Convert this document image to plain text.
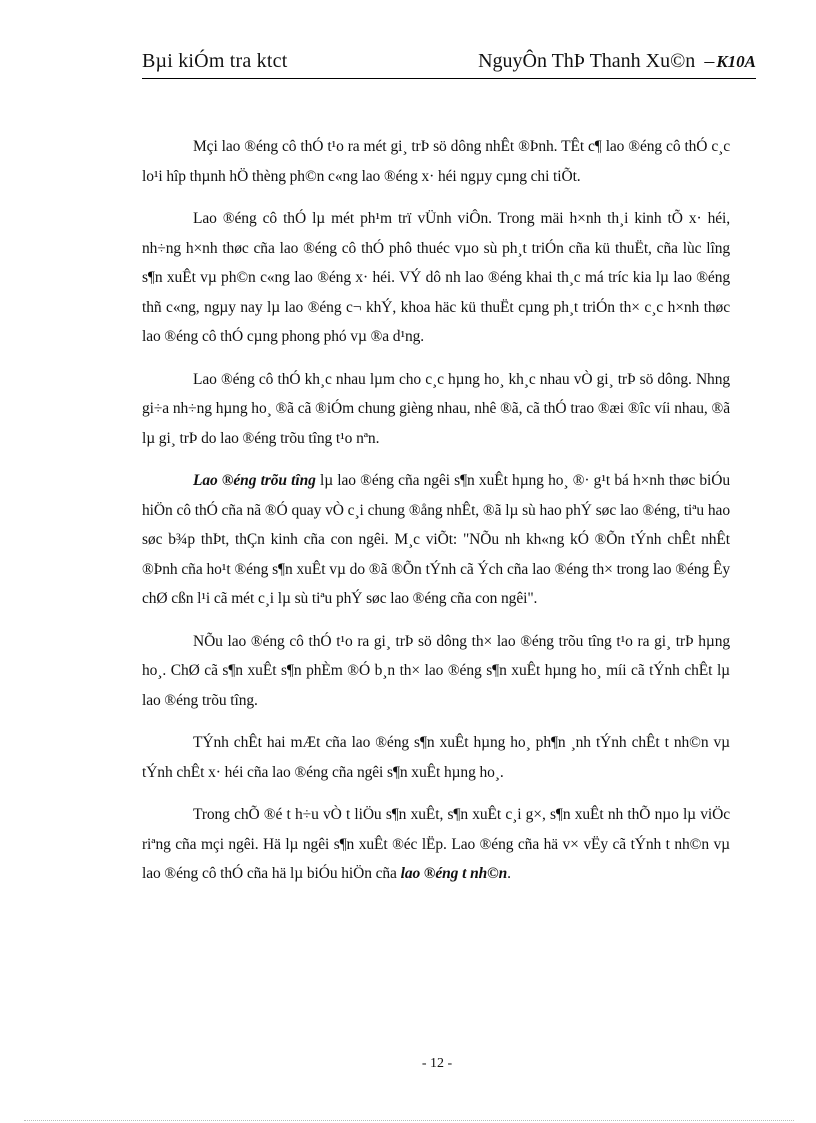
Bµi kiÓm tra ktct	NguyÔn ThÞ Thanh Xu©n – K10A

Mçi lao ®éng cô thÓ t¹o ra mét gi¸ trÞ sö dông nhÊt ®Þnh. TÊt c¶ lao ®éng cô thÓ c¸c lo¹i hîp thµnh hÖ thèng ph©n c«ng lao ®éng x· héi ngµy cµng chi tiÕt.

Lao ®éng cô thÓ lµ mét ph¹m trï vÜnh viÔn. Trong mäi h×nh th¸i kinh tÕ x· héi, nh÷ng h×nh thøc cña lao ®éng cô thÓ phô thuéc vµo sù ph¸t triÓn cña kü thuËt, cña lùc lîng s¶n xuÊt vµ ph©n c«ng lao ®éng x· héi. VÝ dô nh lao ®éng khai th¸c má tríc kia lµ lao ®éng thñ c«ng, ngµy nay lµ lao ®éng c¬ khÝ, khoa häc kü thuËt cµng ph¸t triÓn th× c¸c h×nh thøc lao ®éng cô thÓ cµng phong phó vµ ®a d¹ng.

Lao ®éng cô thÓ kh¸c nhau lµm cho c¸c hµng ho¸ kh¸c nhau vÒ gi¸ trÞ sö dông. Nhng gi÷a nh÷ng hµng ho¸ ®ã cã ®iÓm chung gièng nhau, nhê ®ã, cã thÓ trao ®æi ®îc víi nhau, ®ã lµ gi¸ trÞ do lao ®éng trõu tîng t¹o nªn.

Lao ®éng trõu tîng lµ lao ®éng cña ngêi s¶n xuÊt hµng ho¸ ®· g¹t bá h×nh thøc biÓu hiÖn cô thÓ cña nã ®Ó quay vÒ c¸i chung ®ång nhÊt, ®ã lµ sù hao phÝ søc lao ®éng, tiªu hao søc b¾p thÞt, thÇn kinh cña con ngêi. M¸c viÕt: "NÕu nh kh«ng kÓ ®Õn tÝnh chÊt nhÊt ®Þnh cña ho¹t ®éng s¶n xuÊt vµ do ®ã ®Õn tÝnh cã Ých cña lao ®éng th× trong lao ®éng Êy chØ cßn l¹i cã mét c¸i lµ sù tiªu phÝ søc lao ®éng cña con ngêi".

NÕu lao ®éng cô thÓ t¹o ra gi¸ trÞ sö dông th× lao ®éng trõu tîng t¹o ra gi¸ trÞ hµng ho¸. ChØ cã s¶n xuÊt s¶n phÈm ®Ó b¸n th× lao ®éng s¶n xuÊt hµng ho¸ míi cã tÝnh chÊt lµ lao ®éng trõu tîng.

TÝnh chÊt hai mÆt cña lao ®éng s¶n xuÊt hµng ho¸ ph¶n ¸nh tÝnh chÊt t nh©n vµ tÝnh chÊt x· héi cña lao ®éng cña ngêi s¶n xuÊt hµng ho¸.

Trong chÕ ®é t h÷u vÒ t liÖu s¶n xuÊt, s¶n xuÊt c¸i g×, s¶n xuÊt nh thÕ nµo lµ viÖc riªng cña mçi ngêi. Hä lµ ngêi s¶n xuÊt ®éc lËp. Lao ®éng cña hä v× vËy cã tÝnh t nh©n vµ lao ®éng cô thÓ cña hä lµ biÓu hiÖn cña lao ®éng t nh©n.

- 12 -
